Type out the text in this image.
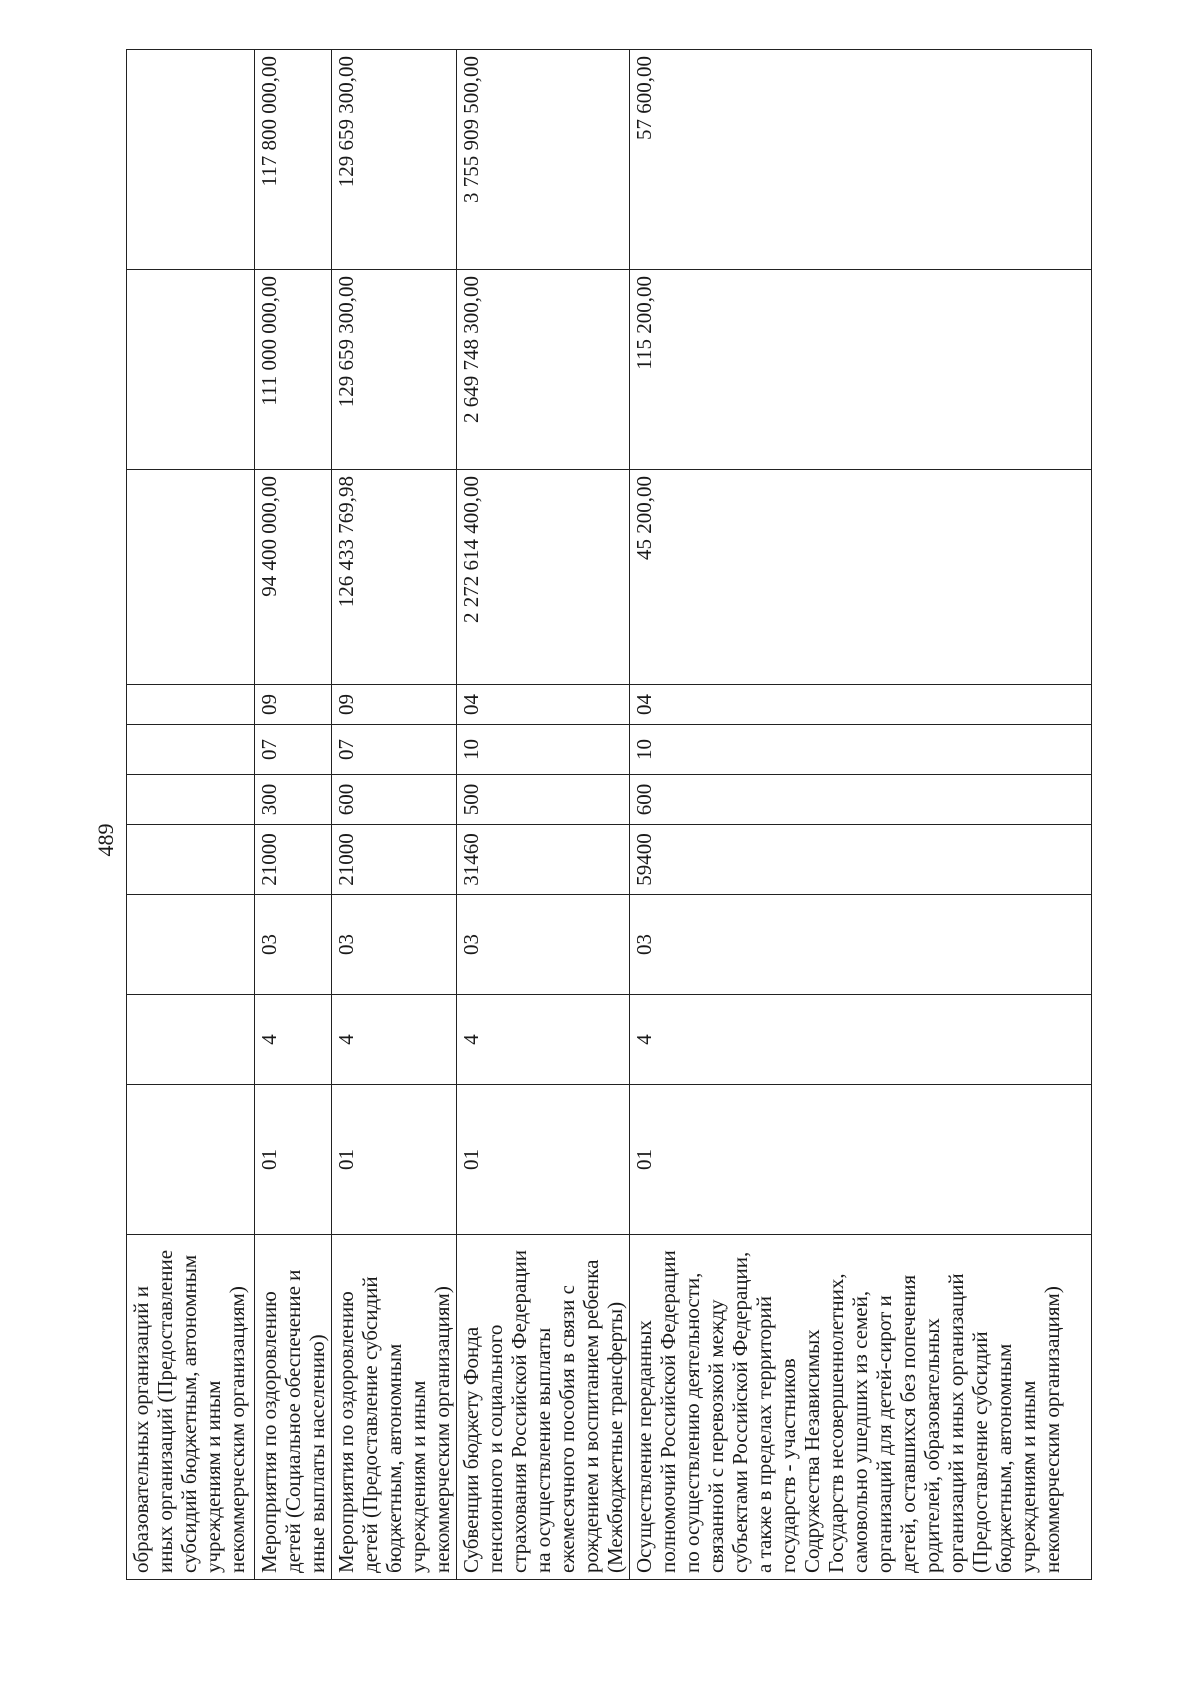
489
образовательных организаций и иных организаций (Предоставление субсидий бюджетным, автономным учреждениям и иным некоммерческим организациям)										
Мероприятия по оздоровлению детей (Социальное обеспечение и иные выплаты населению)	01	4	03	21000	300	07	09	94 400 000,00	111 000 000,00	117 800 000,00
Мероприятия по оздоровлению детей (Предоставление субсидий бюджетным, автономным учреждениям и иным некоммерческим организациям)	01	4	03	21000	600	07	09	126 433 769,98	129 659 300,00	129 659 300,00
Субвенции бюджету Фонда пенсионного и социального страхования Российской Федерации на осуществление выплаты ежемесячного пособия в связи с рождением и воспитанием ребенка (Межбюджетные трансферты)	01	4	03	31460	500	10	04	2 272 614 400,00	2 649 748 300,00	3 755 909 500,00
Осуществление переданных полномочий Российской Федерации по осуществлению деятельности, связанной с перевозкой между субъектами Российской Федерации, а также в пределах территорий государств - участников Содружества Независимых Государств несовершеннолетних, самовольно ушедших из семей, организаций для детей-сирот и детей, оставшихся без попечения родителей, образовательных организаций и иных организаций (Предоставление субсидий бюджетным, автономным учреждениям и иным некоммерческим организациям)	01	4	03	59400	600	10	04	45 200,00	115 200,00	57 600,00
